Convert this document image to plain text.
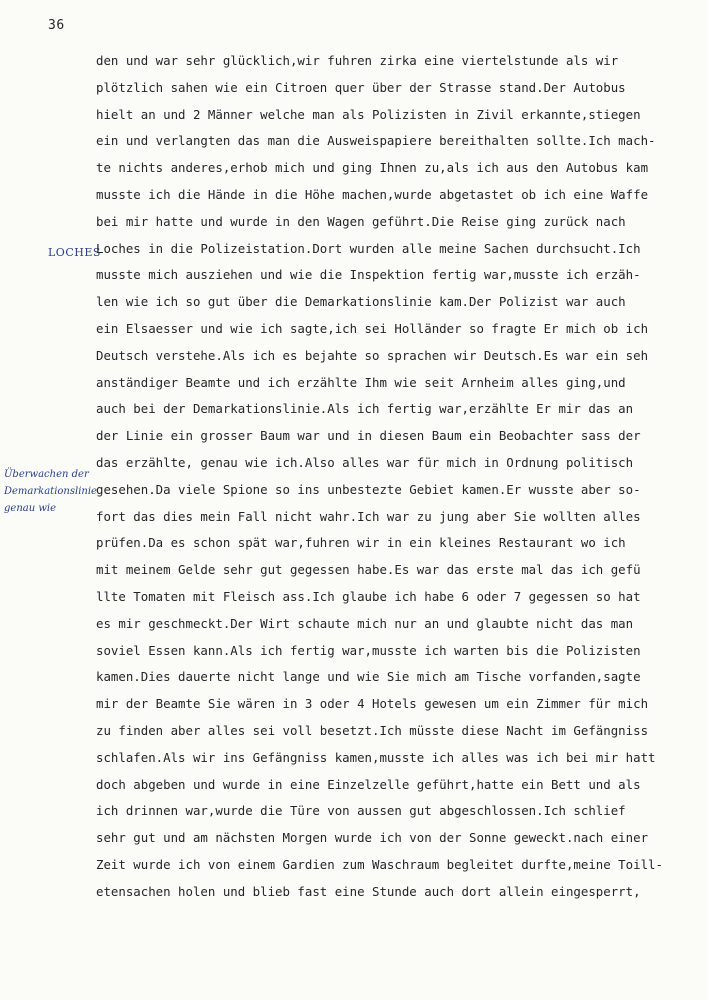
36
LOCHES
Überwachen der Demarkationslinie genau wie
den und war sehr glücklich,wir fuhren zirka eine viertelstunde als wir
plötzlich sahen wie ein Citroen quer über der Strasse stand.Der Autobus
hielt an und 2 Männer welche man als Polizisten in Zivil erkannte,stiegen
ein und verlangten das man die Ausweispapiere bereithalten sollte.Ich mach-
te nichts anderes,erhob mich und ging Ihnen zu,als ich aus den Autobus kam
musste ich die Hände in die Höhe machen,wurde abgetastet ob ich eine Waffe
bei mir hatte und wurde in den Wagen geführt.Die Reise ging zurück nach
Loches in die Polizeistation.Dort wurden alle meine Sachen durchsucht.Ich
musste mich ausziehen und wie die Inspektion fertig war,musste ich erzäh-
len wie ich so gut über die Demarkationslinie kam.Der Polizist war auch
ein Elsaesser und wie ich sagte,ich sei Holländer so fragte Er mich ob ich
Deutsch verstehe.Als ich es bejahte so sprachen wir Deutsch.Es war ein seh
anständiger Beamte und ich erzählte Ihm wie seit Arnheim alles ging,und
auch bei der Demarkationslinie.Als ich fertig war,erzählte Er mir das an
der Linie ein grosser Baum war und in diesen Baum ein Beobachter sass der
das erzählte, genau wie ich.Also alles war für mich in Ordnung politisch
gesehen.Da viele Spione so ins unbestezte Gebiet kamen.Er wusste aber so-
fort das dies mein Fall nicht wahr.Ich war zu jung aber Sie wollten alles
prüfen.Da es schon spät war,fuhren wir in ein kleines Restaurant wo ich
mit meinem Gelde sehr gut gegessen habe.Es war das erste mal das ich gefü
llte Tomaten mit Fleisch ass.Ich glaube ich habe 6 oder 7 gegessen so hat
es mir geschmeckt.Der Wirt schaute mich nur an und glaubte nicht das man
soviel Essen kann.Als ich fertig war,musste ich warten bis die Polizisten
kamen.Dies dauerte nicht lange und wie Sie mich am Tische vorfanden,sagte
mir der Beamte Sie wären in 3 oder 4 Hotels gewesen um ein Zimmer für mich
zu finden aber alles sei voll besetzt.Ich müsste diese Nacht im Gefängniss
schlafen.Als wir ins Gefängniss kamen,musste ich alles was ich bei mir hatt
doch abgeben und wurde in eine Einzelzelle geführt,hatte ein Bett und als
ich drinnen war,wurde die Türe von aussen gut abgeschlossen.Ich schlief
sehr gut und am nächsten Morgen wurde ich von der Sonne geweckt.nach einer
Zeit wurde ich von einem Gardien zum Waschraum begleitet durfte,meine Toill-
etensachen holen und blieb fast eine Stunde auch dort allein eingesperrt,
